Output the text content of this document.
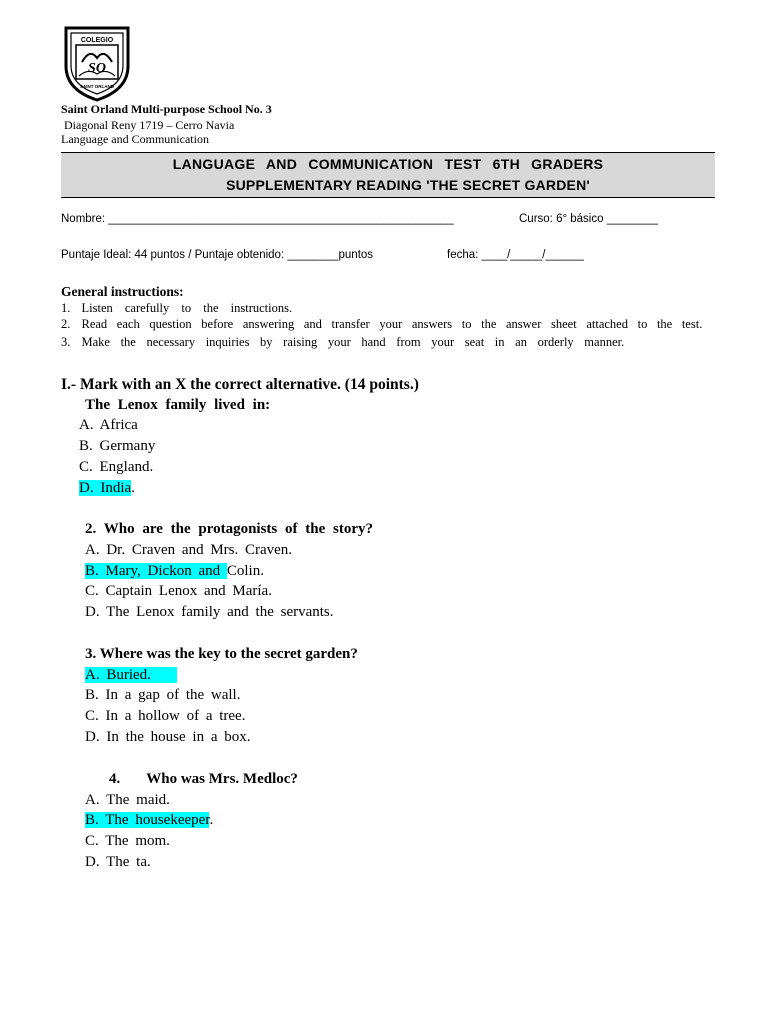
COLEGIO
SO
SAINT ORLAND
Saint Orland Multi-purpose School No. 3
Diagonal Reny 1719 – Cerro Navia
Language and Communication
LANGUAGE AND COMMUNICATION TEST 6TH GRADERS
SUPPLEMENTARY READING 'THE SECRET GARDEN'
Nombre: ______________________________________________________	Curso: 6° básico ________
Puntaje Ideal: 44 puntos / Puntaje obtenido: ________puntos	fecha: ____/_____/______
General instructions:
1. Listen carefully to the instructions.
2. Read each question before answering and transfer your answers to the answer sheet attached to the test.
3. Make the necessary inquiries by raising your hand from your seat in an orderly manner.
I.- Mark with an X the correct alternative. (14 points.)
The Lenox family lived in:
A. Africa
B. Germany
C. England.
D. India.
2. Who are the protagonists of the story?
A. Dr. Craven and Mrs. Craven.
B. Mary, Dickon and Colin.
C. Captain Lenox and María.
D. The Lenox family and the servants.
3. Where was the key to the secret garden?
A. Buried.
B. In a gap of the wall.
C. In a hollow of a tree.
D. In the house in a box.
4. Who was Mrs. Medloc?
A. The maid.
B. The housekeeper.
C. The mom.
D. The ta.
